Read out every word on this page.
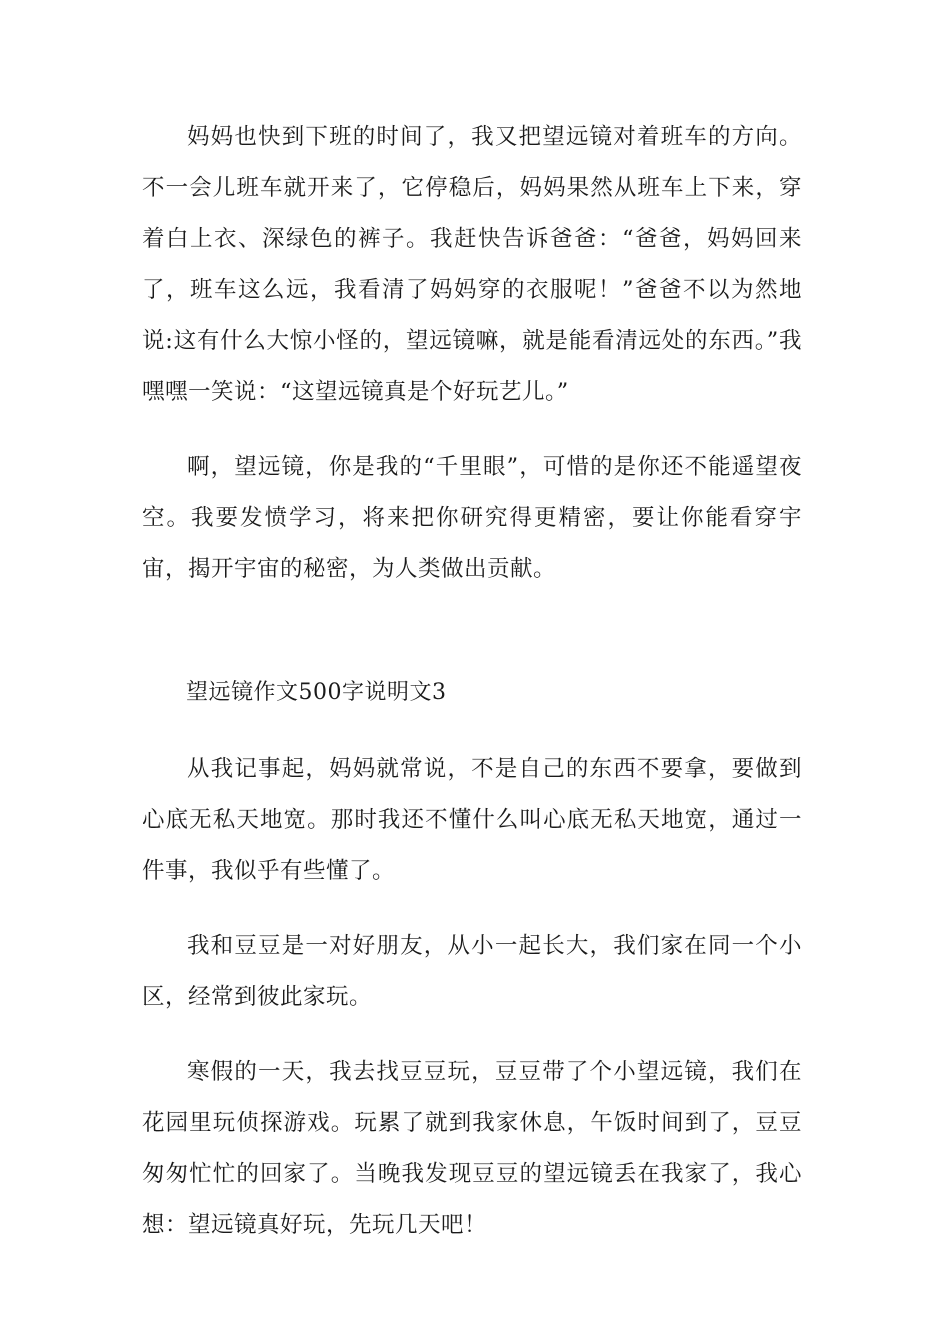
妈妈也快到下班的时间了，我又把望远镜对着班车的方向。不一会儿班车就开来了，它停稳后，妈妈果然从班车上下来，穿着白上衣、深绿色的裤子。我赶快告诉爸爸：“爸爸，妈妈回来了，班车这么远，我看清了妈妈穿的衣服呢！”爸爸不以为然地说:这有什么大惊小怪的，望远镜嘛，就是能看清远处的东西。”我嘿嘿一笑说：“这望远镜真是个好玩艺儿。”

啊，望远镜，你是我的“千里眼”，可惜的是你还不能遥望夜空。我要发愤学习，将来把你研究得更精密，要让你能看穿宇宙，揭开宇宙的秘密，为人类做出贡献。

望远镜作文500字说明文3

从我记事起，妈妈就常说，不是自己的东西不要拿，要做到心底无私天地宽。那时我还不懂什么叫心底无私天地宽，通过一件事，我似乎有些懂了。

我和豆豆是一对好朋友，从小一起长大，我们家在同一个小区，经常到彼此家玩。

寒假的一天，我去找豆豆玩，豆豆带了个小望远镜，我们在花园里玩侦探游戏。玩累了就到我家休息，午饭时间到了，豆豆匆匆忙忙的回家了。当晚我发现豆豆的望远镜丢在我家了，我心想：望远镜真好玩，先玩几天吧！
